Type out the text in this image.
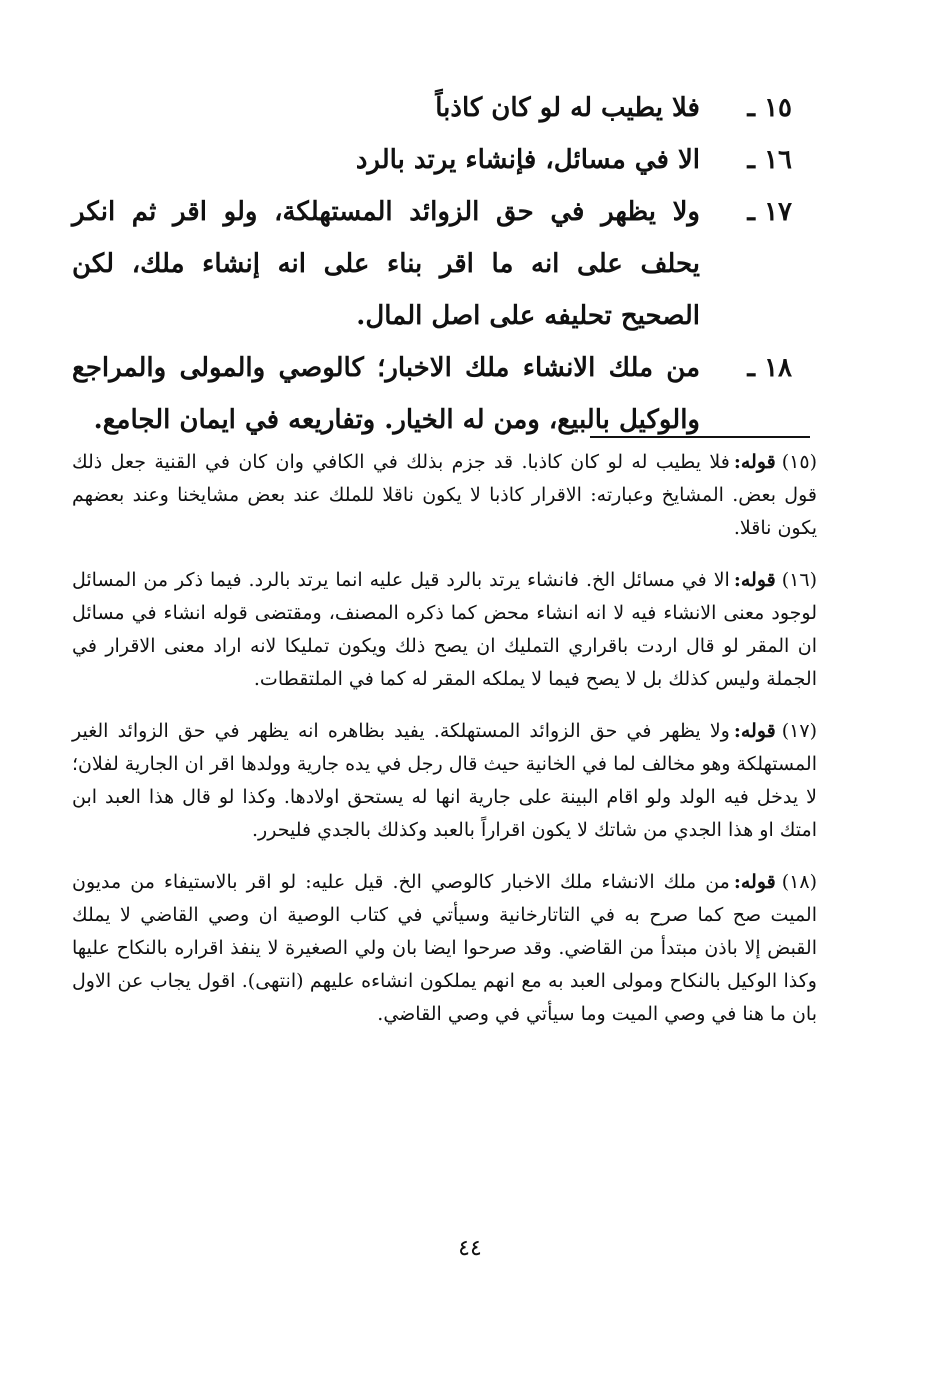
١٥ ـ
فلا يطيب له لو كان كاذباً
١٦ ـ
الا في مسائل، فإنشاء يرتد بالرد
١٧ ـ
ولا يظهر في حق الزوائد المستهلكة، ولو اقر ثم انكر يحلف على انه ما اقر بناء على انه إنشاء ملك، لكن الصحيح تحليفه على اصل المال.
١٨ ـ
من ملك الانشاء ملك الاخبار؛ كالوصي والمولى والمراجع والوكيل بالبيع، ومن له الخيار. وتفاريعه في ايمان الجامع.

(١٥)قوله:فلا يطيب له لو كان كاذبا. قد جزم بذلك في الكافي وان كان في القنية جعل ذلك قول بعض. المشايخ وعبارته: الاقرار كاذبا لا يكون ناقلا للملك عند بعض مشايخنا وعند بعضهم يكون ناقلا.

(١٦)قوله:الا في مسائل الخ. فانشاء يرتد بالرد قيل عليه انما يرتد بالرد. فيما ذكر من المسائل لوجود معنى الانشاء فيه لا انه انشاء محض كما ذكره المصنف، ومقتضى قوله انشاء في مسائل ان المقر لو قال اردت باقراري التمليك ان يصح ذلك ويكون تمليكا لانه اراد معنى الاقرار في الجملة وليس كذلك بل لا يصح فيما لا يملكه المقر له كما في الملتقطات.

(١٧)قوله:ولا يظهر في حق الزوائد المستهلكة. يفيد بظاهره انه يظهر في حق الزوائد الغير المستهلكة وهو مخالف لما في الخانية حيث قال رجل في يده جارية وولدها اقر ان الجارية لفلان؛ لا يدخل فيه الولد ولو اقام البينة على جارية انها له يستحق اولادها. وكذا لو قال هذا العبد ابن امتك او هذا الجدي من شاتك لا يكون اقراراً بالعبد وكذلك بالجدي فليحرر.

(١٨)قوله:من ملك الانشاء ملك الاخبار كالوصي الخ. قيل عليه: لو اقر بالاستيفاء من مديون الميت صح كما صرح به في التاتارخانية وسيأتي في كتاب الوصية ان وصي القاضي لا يملك القبض إلا باذن مبتدأ من القاضي. وقد صرحوا ايضا بان ولي الصغيرة لا ينفذ اقراره بالنكاح عليها وكذا الوكيل بالنكاح ومولى العبد به مع انهم يملكون انشاءه عليهم (انتهى). اقول يجاب عن الاول بان ما هنا في وصي الميت وما سيأتي في وصي القاضي.

٤٤
